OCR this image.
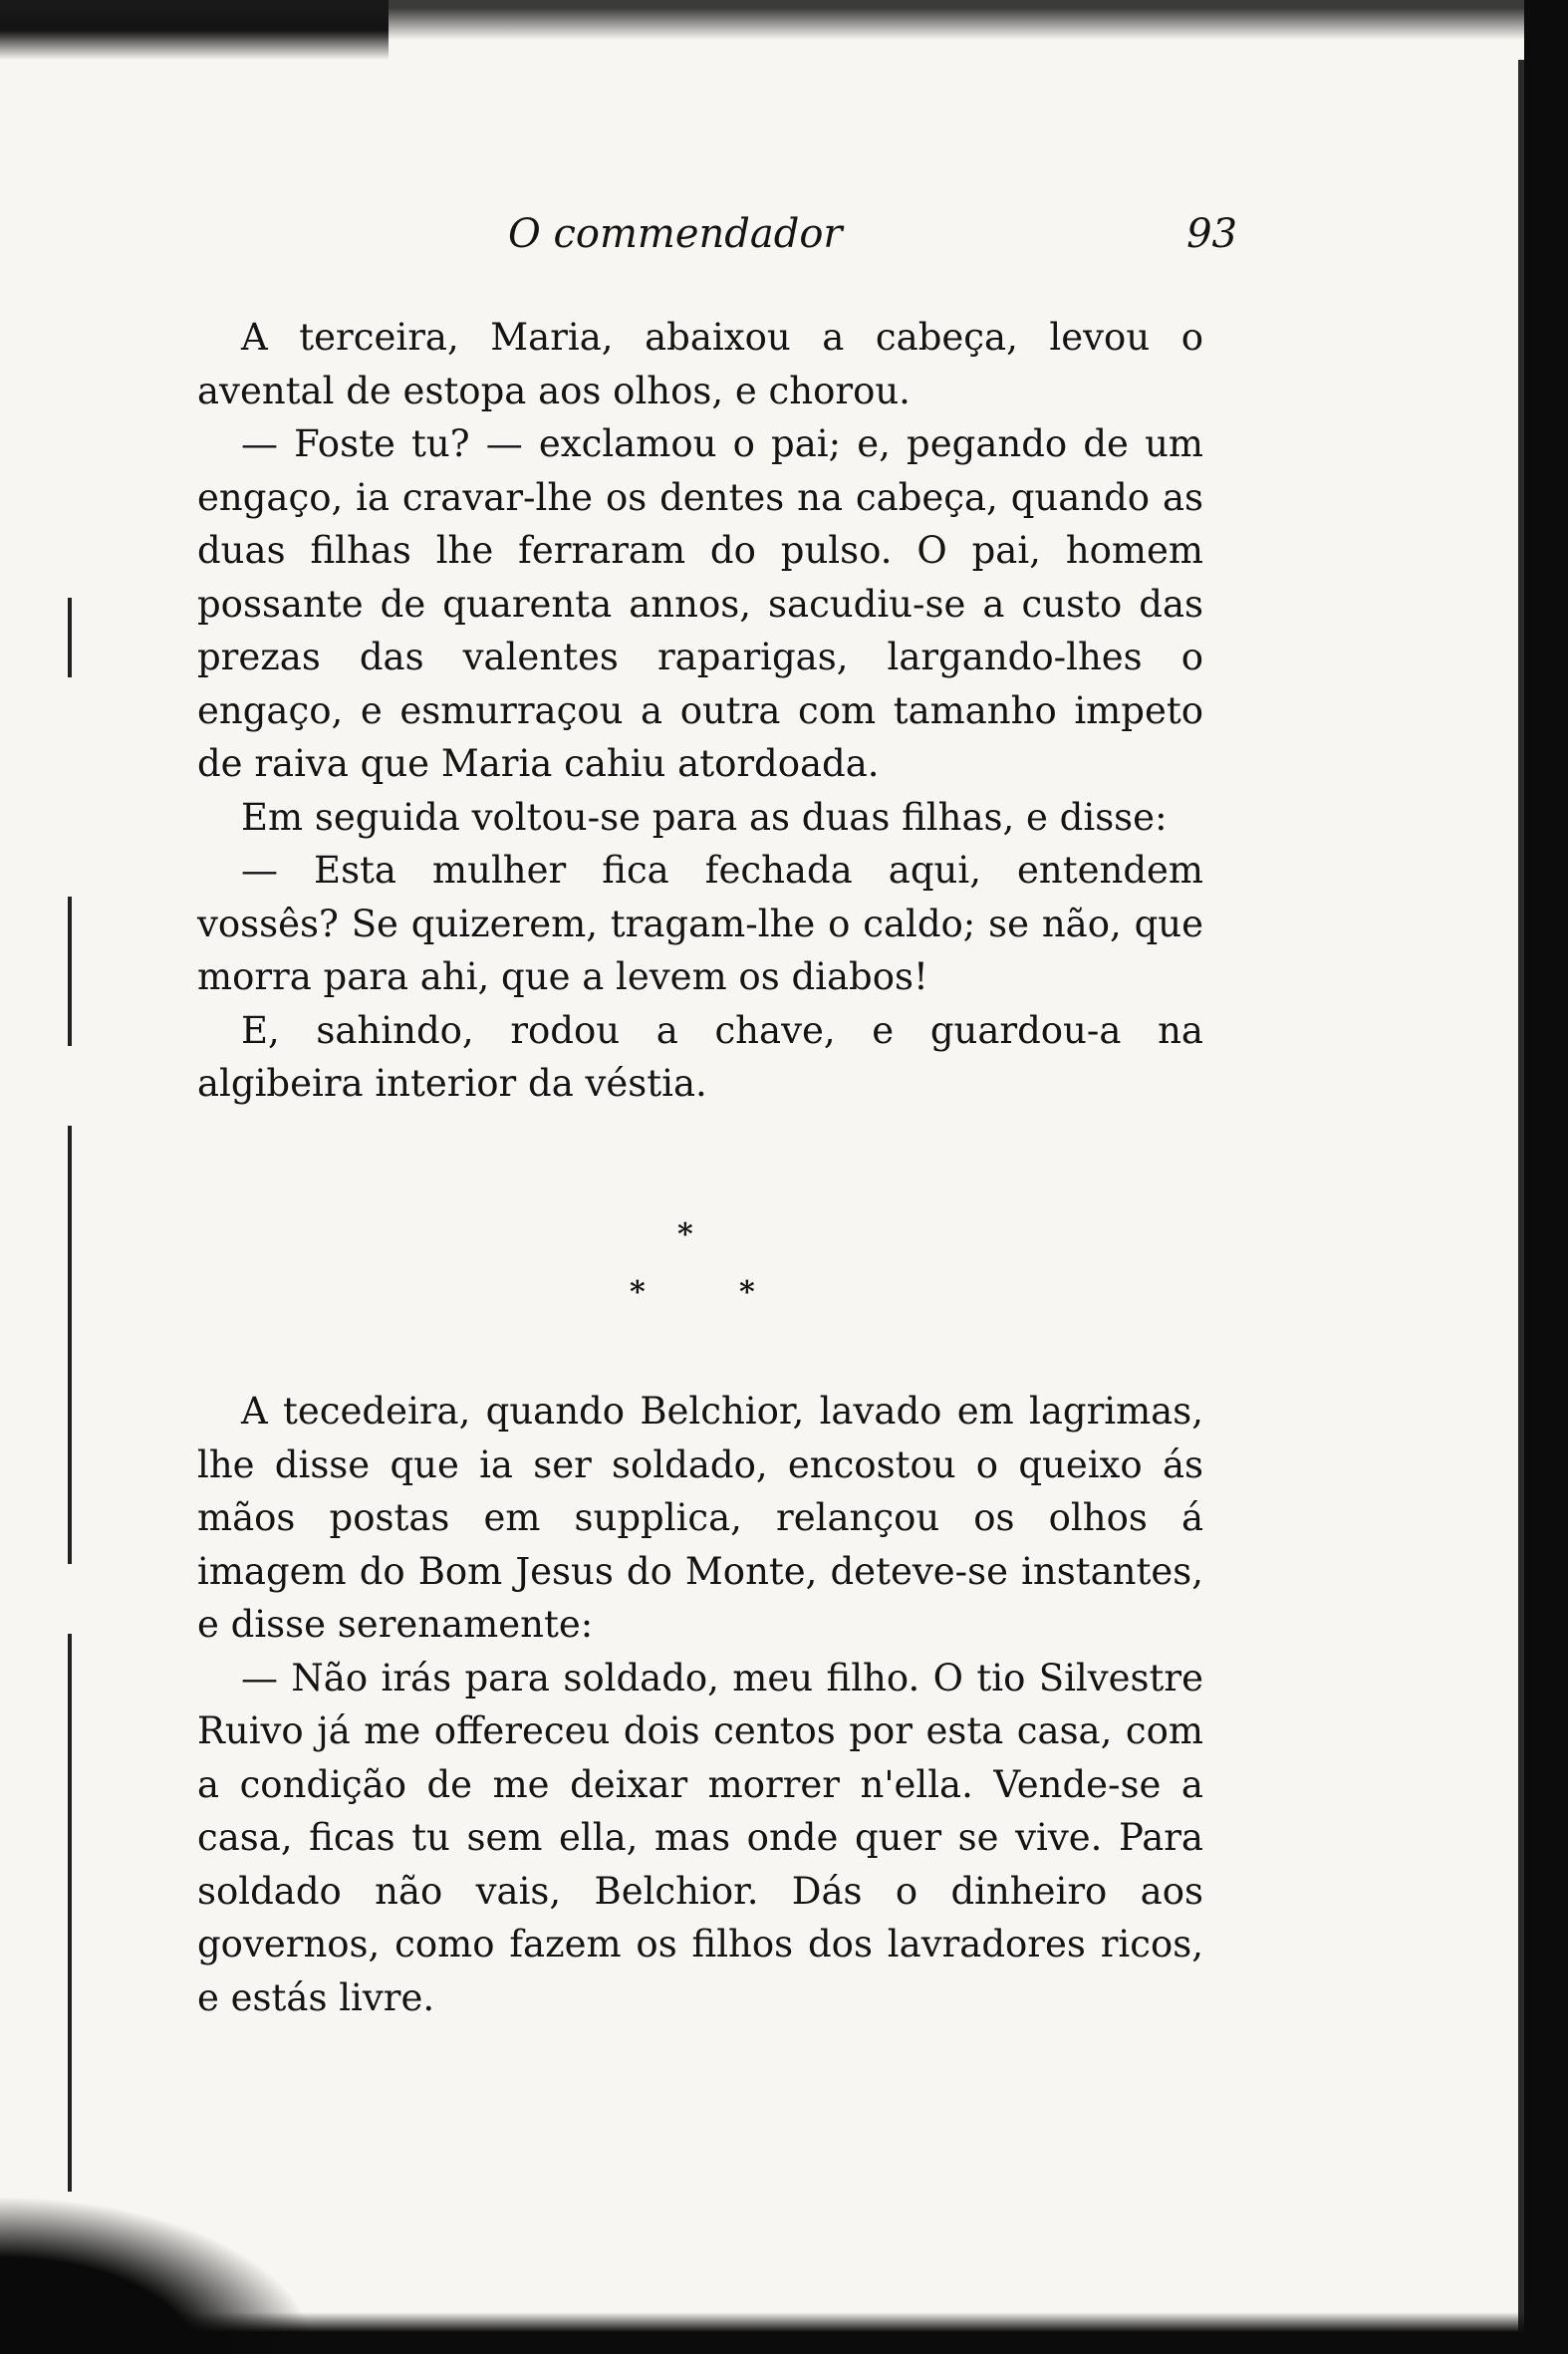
O commendador	93

A terceira, Maria, abaixou a cabeça, levou o avental de estopa aos olhos, e chorou.

— Foste tu? — exclamou o pai; e, pegando de um engaço, ia cravar-lhe os dentes na cabeça, quando as duas filhas lhe ferraram do pulso. O pai, homem possante de quarenta annos, sacudiu-se a custo das prezas das valentes raparigas, largando-lhes o engaço, e esmurraçou a outra com tamanho impeto de raiva que Maria cahiu atordoada.

Em seguida voltou-se para as duas filhas, e disse:

— Esta mulher fica fechada aqui, entendem vossês? Se quizerem, tragam-lhe o caldo; se não, que morra para ahi, que a levem os diabos!

E, sahindo, rodou a chave, e guardou-a na algibeira interior da véstia.

*
*	*

A tecedeira, quando Belchior, lavado em lagrimas, lhe disse que ia ser soldado, encostou o queixo ás mãos postas em supplica, relançou os olhos á imagem do Bom Jesus do Monte, deteve-se instantes, e disse serenamente:

— Não irás para soldado, meu filho. O tio Silvestre Ruivo já me offereceu dois centos por esta casa, com a condição de me deixar morrer n'ella. Vende-se a casa, ficas tu sem ella, mas onde quer se vive. Para soldado não vais, Belchior. Dás o dinheiro aos governos, como fazem os filhos dos lavradores ricos, e estás livre.
